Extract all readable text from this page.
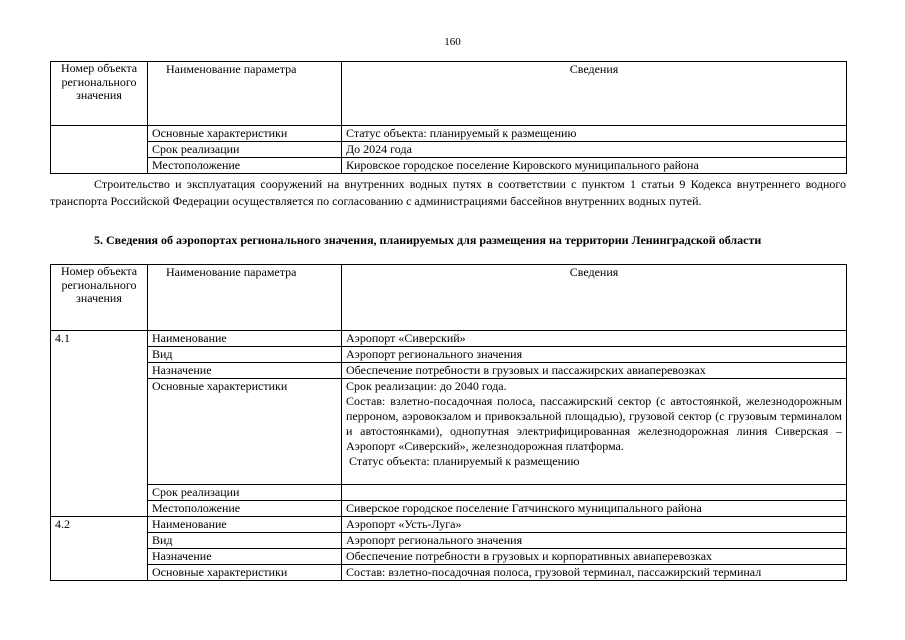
160
Номер объекта регионального значения	Наименование параметра	Сведения
	Основные характеристики	Статус объекта: планируемый к размещению
	Срок реализации	До 2024 года
	Местоположение	Кировское городское поселение Кировского муниципального района
Строительство и эксплуатация сооружений на внутренних водных путях в соответствии с пунктом 1 статьи 9 Кодекса внутреннего водного транспорта Российской Федерации осуществляется по согласованию с администрациями бассейнов внутренних водных путей.
5. Сведения об аэропортах регионального значения, планируемых для размещения на территории Ленинградской области
Номер объекта регионального значения	Наименование параметра	Сведения
4.1	Наименование	Аэропорт «Сиверский»
	Вид	Аэропорт регионального значения
	Назначение	Обеспечение потребности в грузовых и пассажирских авиаперевозках
	Основные характеристики	Срок реализации: до 2040 года.
Состав: взлетно-посадочная полоса, пассажирский сектор (с автостоянкой, железнодорожным перроном, аэровокзалом и привокзальной площадью), грузовой сектор (с грузовым терминалом и автостоянками), однопутная электрифицированная железнодорожная линия Сиверская – Аэропорт «Сиверский», железнодорожная платформа.
Статус объекта: планируемый к размещению

	Срок реализации	
	Местоположение	Сиверское городское поселение Гатчинского муниципального района
4.2	Наименование	Аэропорт «Усть-Луга»
	Вид	Аэропорт регионального значения
	Назначение	Обеспечение потребности в грузовых и корпоративных авиаперевозках
	Основные характеристики	Состав: взлетно-посадочная полоса, грузовой терминал, пассажирский терминал
